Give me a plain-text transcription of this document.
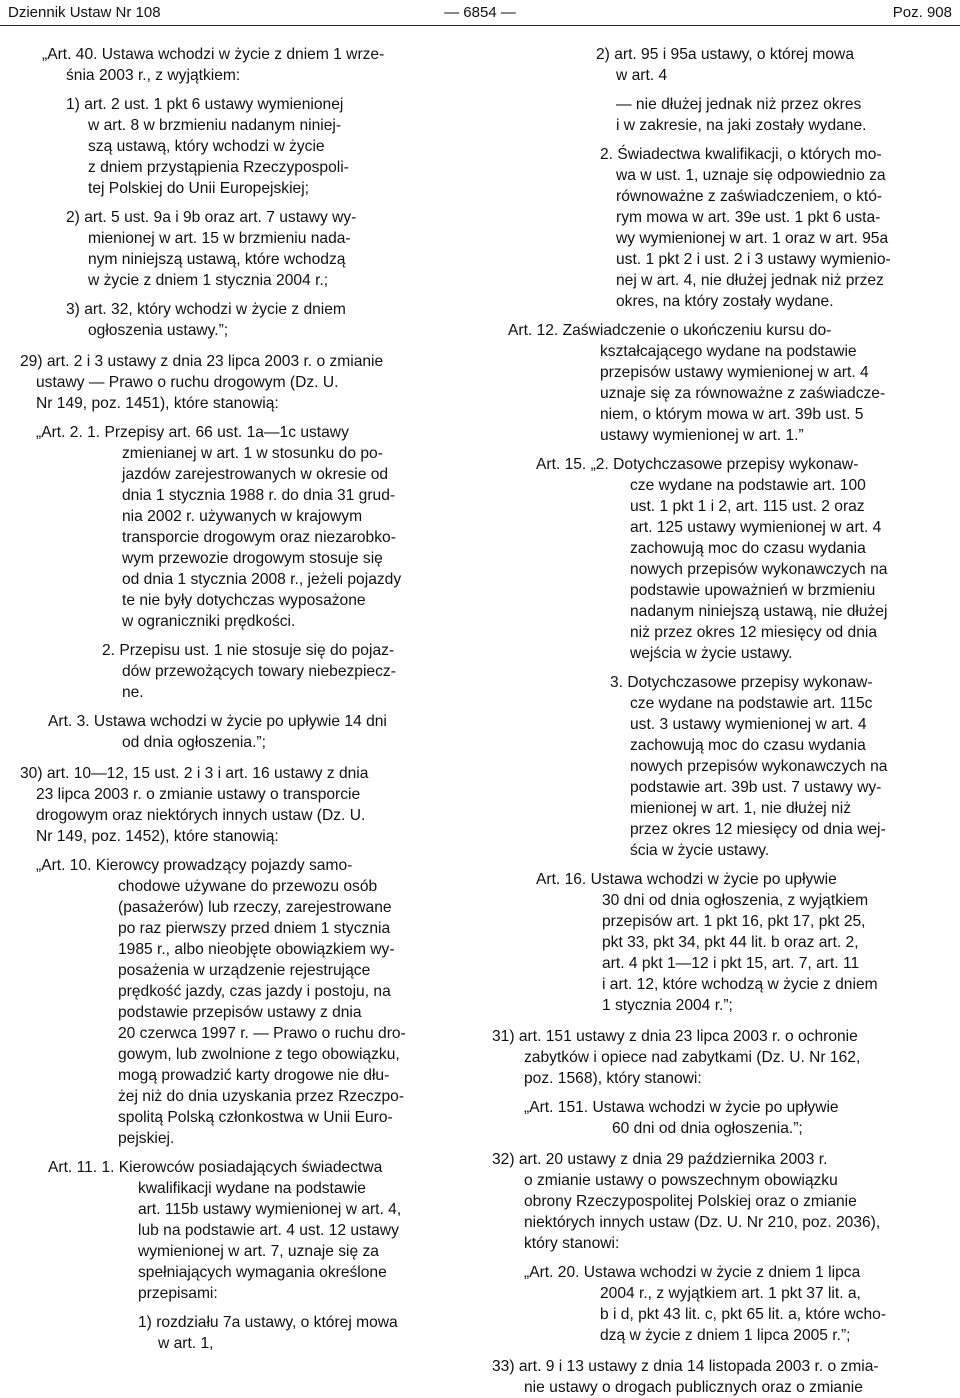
Dziennik Ustaw Nr 108	— 6854 —	Poz. 908
„Art. 40. Ustawa wchodzi w życie z dniem 1 wrze-
śnia 2003 r., z wyjątkiem:
1) art. 2 ust. 1 pkt 6 ustawy wymienionej
w art. 8 w brzmieniu nadanym niniej-
szą ustawą, który wchodzi w życie
z dniem przystąpienia Rzeczypospoli-
tej Polskiej do Unii Europejskiej;
2) art. 5 ust. 9a i 9b oraz art. 7 ustawy wy-
mienionej w art. 15 w brzmieniu nada-
nym niniejszą ustawą, które wchodzą
w życie z dniem 1 stycznia 2004 r.;
3) art. 32, który wchodzi w życie z dniem
ogłoszenia ustawy.”;
29) art. 2 i 3 ustawy z dnia 23 lipca 2003 r. o zmianie
ustawy — Prawo o ruchu drogowym (Dz. U.
Nr 149, poz. 1451), które stanowią:
„Art. 2. 1. Przepisy art. 66 ust. 1a—1c ustawy
zmienianej w art. 1 w stosunku do po-
jazdów zarejestrowanych w okresie od
dnia 1 stycznia 1988 r. do dnia 31 grud-
nia 2002 r. używanych w krajowym
transporcie drogowym oraz niezarobko-
wym przewozie drogowym stosuje się
od dnia 1 stycznia 2008 r., jeżeli pojazdy
te nie były dotychczas wyposażone
w ograniczniki prędkości.
2. Przepisu ust. 1 nie stosuje się do pojaz-
dów przewożących towary niebezpiecz-
ne.
Art. 3. Ustawa wchodzi w życie po upływie 14 dni
od dnia ogłoszenia.”;
30) art. 10—12, 15 ust. 2 i 3 i art. 16 ustawy z dnia
23 lipca 2003 r. o zmianie ustawy o transporcie
drogowym oraz niektórych innych ustaw (Dz. U.
Nr 149, poz. 1452), które stanowią:
„Art. 10. Kierowcy prowadzący pojazdy samo-
chodowe używane do przewozu osób
(pasażerów) lub rzeczy, zarejestrowane
po raz pierwszy przed dniem 1 stycznia
1985 r., albo nieobjęte obowiązkiem wy-
posażenia w urządzenie rejestrujące
prędkość jazdy, czas jazdy i postoju, na
podstawie przepisów ustawy z dnia
20 czerwca 1997 r. — Prawo o ruchu dro-
gowym, lub zwolnione z tego obowiązku,
mogą prowadzić karty drogowe nie dłu-
żej niż do dnia uzyskania przez Rzeczpo-
spolitą Polską członkostwa w Unii Euro-
pejskiej.
Art. 11. 1. Kierowców posiadających świadectwa
kwalifikacji wydane na podstawie
art. 115b ustawy wymienionej w art. 4,
lub na podstawie art. 4 ust. 12 ustawy
wymienionej w art. 7, uznaje się za
spełniających wymagania określone
przepisami:
1) rozdziału 7a ustawy, o której mowa
w art. 1,
2) art. 95 i 95a ustawy, o której mowa
w art. 4
— nie dłużej jednak niż przez okres
i w zakresie, na jaki zostały wydane.
2. Świadectwa kwalifikacji, o których mo-
wa w ust. 1, uznaje się odpowiednio za
równoważne z zaświadczeniem, o któ-
rym mowa w art. 39e ust. 1 pkt 6 usta-
wy wymienionej w art. 1 oraz w art. 95a
ust. 1 pkt 2 i ust. 2 i 3 ustawy wymienio-
nej w art. 4, nie dłużej jednak niż przez
okres, na który zostały wydane.
Art. 12. Zaświadczenie o ukończeniu kursu do-
kształcającego wydane na podstawie
przepisów ustawy wymienionej w art. 4
uznaje się za równoważne z zaświadcze-
niem, o którym mowa w art. 39b ust. 5
ustawy wymienionej w art. 1.”
Art. 15. „2. Dotychczasowe przepisy wykonaw-
cze wydane na podstawie art. 100
ust. 1 pkt 1 i 2, art. 115 ust. 2 oraz
art. 125 ustawy wymienionej w art. 4
zachowują moc do czasu wydania
nowych przepisów wykonawczych na
podstawie upoważnień w brzmieniu
nadanym niniejszą ustawą, nie dłużej
niż przez okres 12 miesięcy od dnia
wejścia w życie ustawy.
3. Dotychczasowe przepisy wykonaw-
cze wydane na podstawie art. 115c
ust. 3 ustawy wymienionej w art. 4
zachowują moc do czasu wydania
nowych przepisów wykonawczych na
podstawie art. 39b ust. 7 ustawy wy-
mienionej w art. 1, nie dłużej niż
przez okres 12 miesięcy od dnia wej-
ścia w życie ustawy.
Art. 16. Ustawa wchodzi w życie po upływie
30 dni od dnia ogłoszenia, z wyjątkiem
przepisów art. 1 pkt 16, pkt 17, pkt 25,
pkt 33, pkt 34, pkt 44 lit. b oraz art. 2,
art. 4 pkt 1—12 i pkt 15, art. 7, art. 11
i art. 12, które wchodzą w życie z dniem
1 stycznia 2004 r.”;
31) art. 151 ustawy z dnia 23 lipca 2003 r. o ochronie
zabytków i opiece nad zabytkami (Dz. U. Nr 162,
poz. 1568), który stanowi:
„Art. 151. Ustawa wchodzi w życie po upływie
60 dni od dnia ogłoszenia.”;
32) art. 20 ustawy z dnia 29 października 2003 r.
o zmianie ustawy o powszechnym obowiązku
obrony Rzeczypospolitej Polskiej oraz o zmianie
niektórych innych ustaw (Dz. U. Nr 210, poz. 2036),
który stanowi:
„Art. 20. Ustawa wchodzi w życie z dniem 1 lipca
2004 r., z wyjątkiem art. 1 pkt 37 lit. a,
b i d, pkt 43 lit. c, pkt 65 lit. a, które wcho-
dzą w życie z dniem 1 lipca 2005 r.”;
33) art. 9 i 13 ustawy z dnia 14 listopada 2003 r. o zmia-
nie ustawy o drogach publicznych oraz o zmianie
